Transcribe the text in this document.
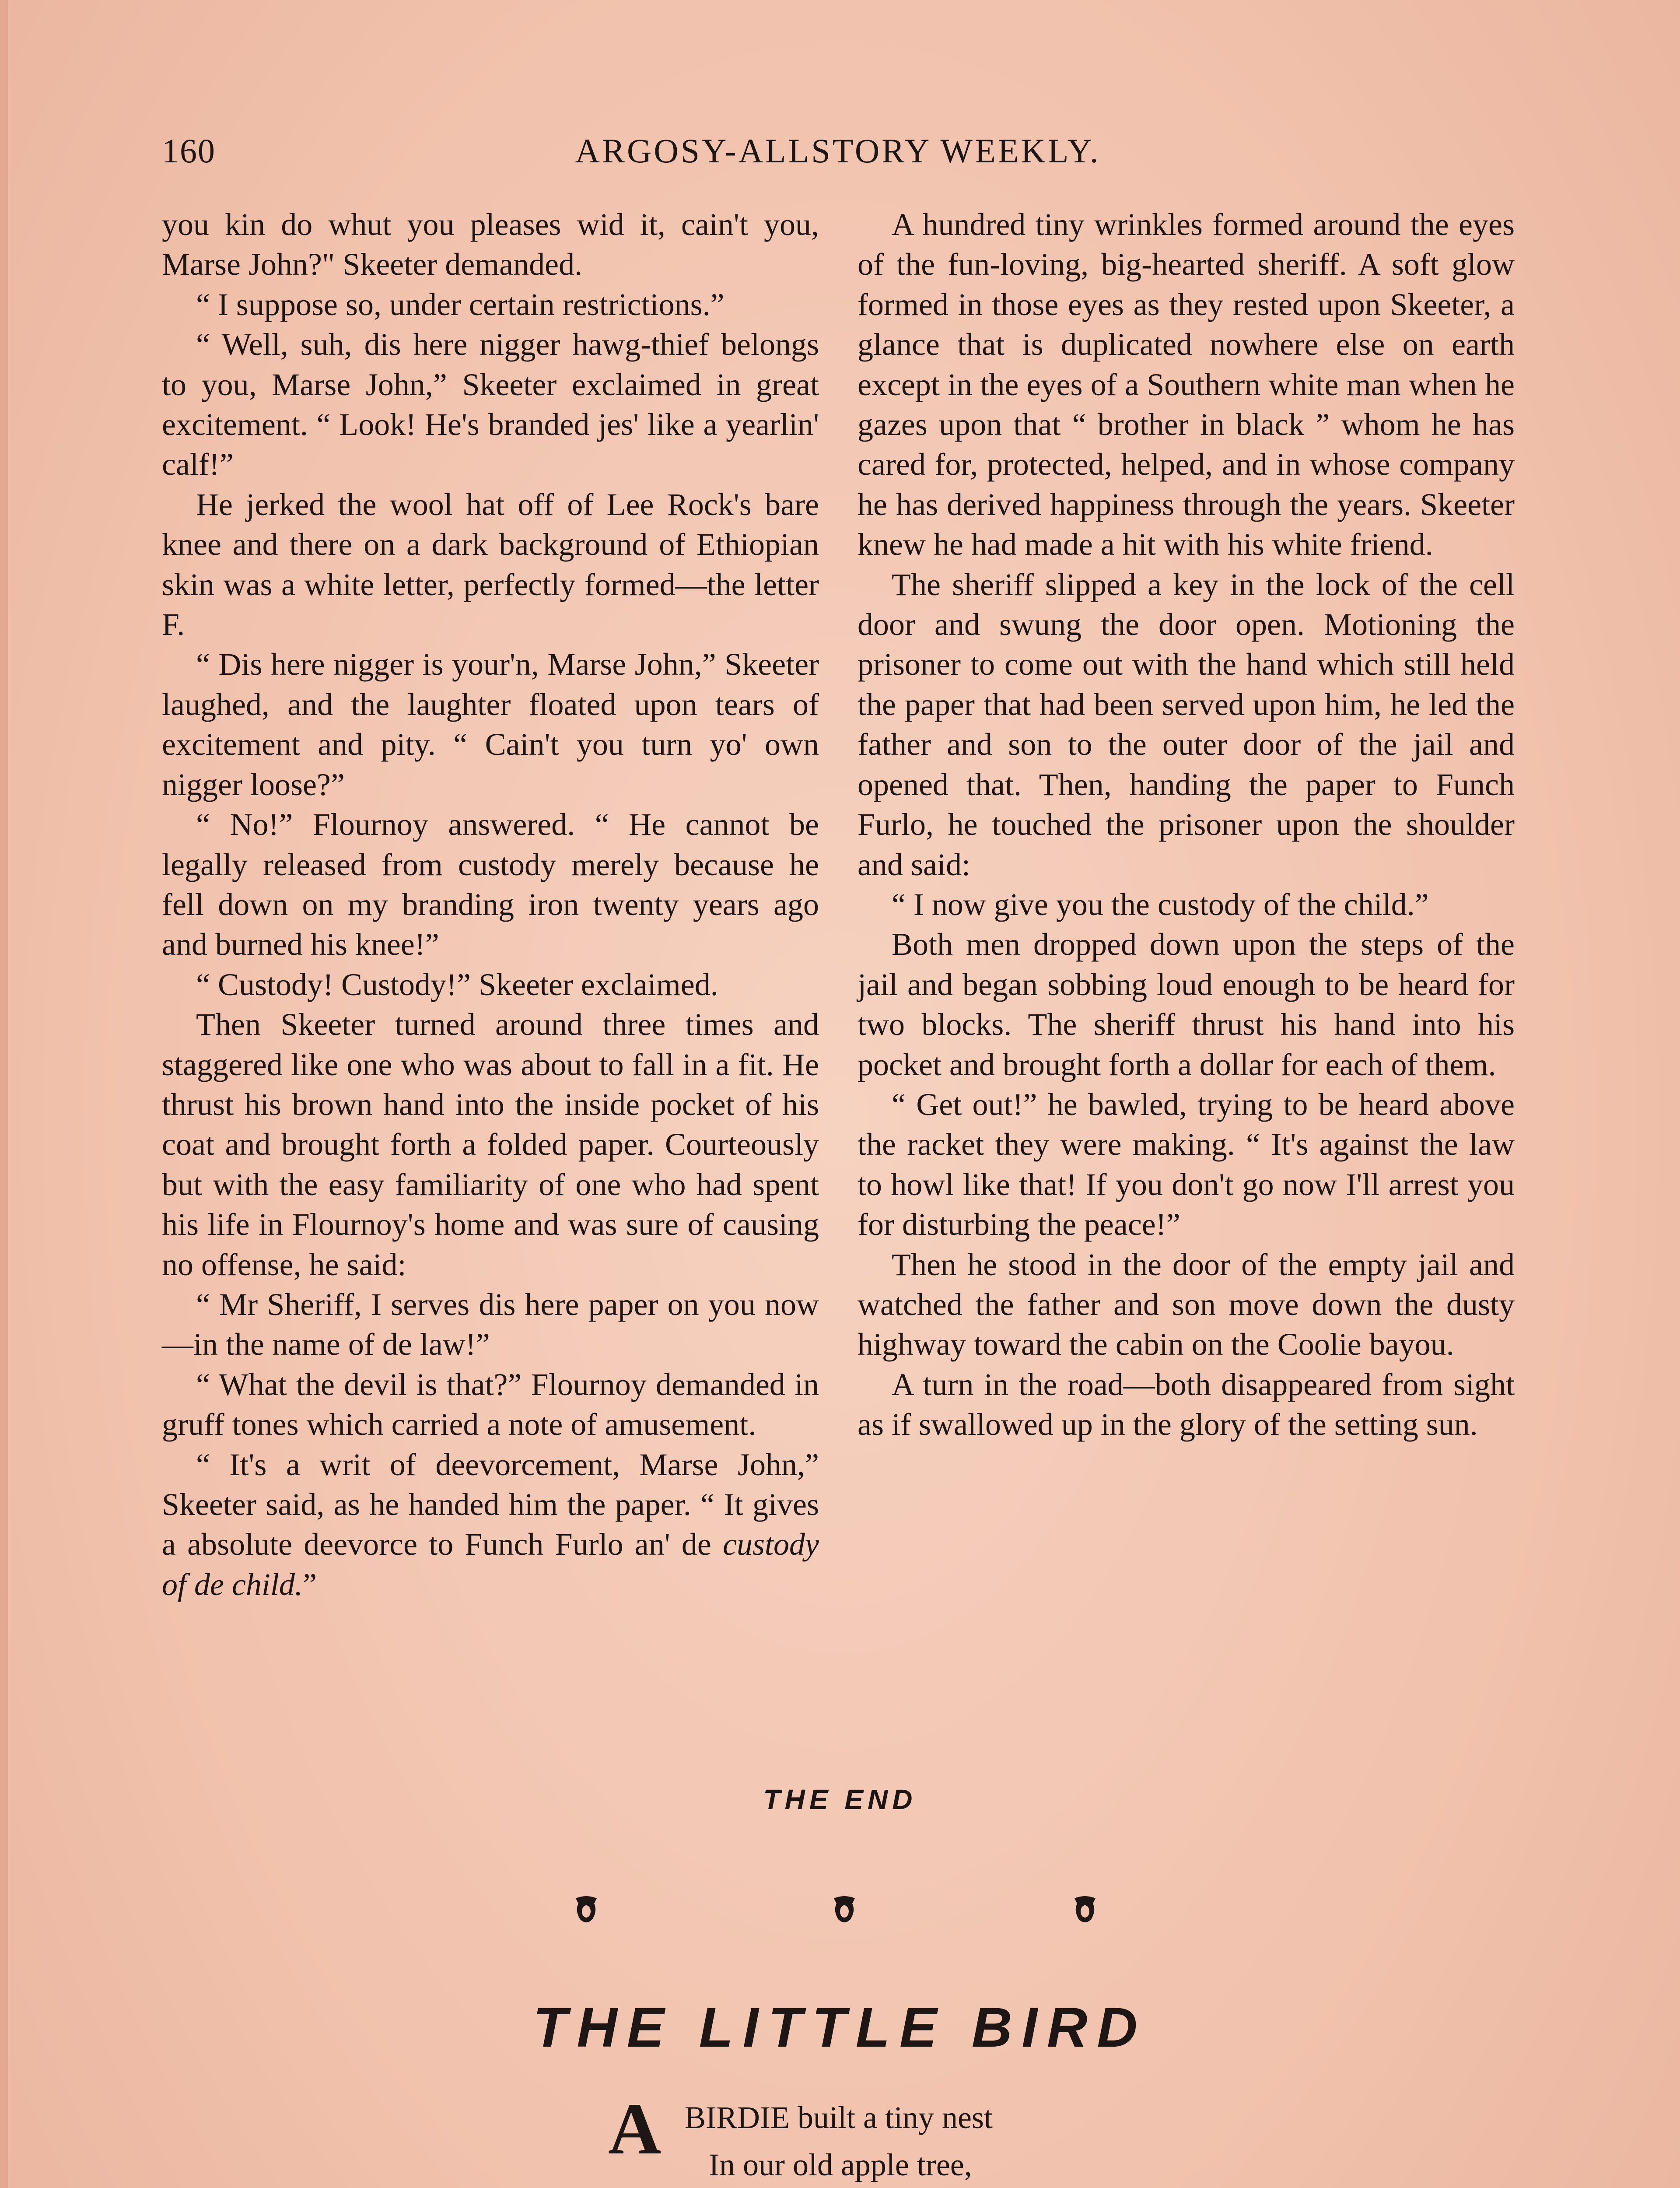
160	ARGOSY-ALLSTORY WEEKLY.

you kin do whut you pleases wid it, cain't you, Marse John?" Skeeter demanded.

“ I suppose so, under certain restrictions.”

“ Well, suh, dis here nigger hawg-thief belongs to you, Marse John,” Skeeter exclaimed in great excitement. “ Look! He's branded jes' like a yearlin' calf!”

He jerked the wool hat off of Lee Rock's bare knee and there on a dark background of Ethiopian skin was a white letter, perfectly formed—the letter F.

“ Dis here nigger is your'n, Marse John,” Skeeter laughed, and the laughter floated upon tears of excitement and pity. “ Cain't you turn yo' own nigger loose?”

“ No!” Flournoy answered. “ He cannot be legally released from custody merely because he fell down on my branding iron twenty years ago and burned his knee!”

“ Custody! Custody!” Skeeter exclaimed.

Then Skeeter turned around three times and staggered like one who was about to fall in a fit. He thrust his brown hand into the inside pocket of his coat and brought forth a folded paper. Courteously but with the easy familiarity of one who had spent his life in Flournoy's home and was sure of causing no offense, he said:

“ Mr Sheriff, I serves dis here paper on you now—in the name of de law!”

“ What the devil is that?” Flournoy demanded in gruff tones which carried a note of amusement.

“ It's a writ of deevorcement, Marse John,” Skeeter said, as he handed him the paper. “ It gives a absolute deevorce to Funch Furlo an' de custody of de child.”

A hundred tiny wrinkles formed around the eyes of the fun-loving, big-hearted sheriff. A soft glow formed in those eyes as they rested upon Skeeter, a glance that is duplicated nowhere else on earth except in the eyes of a Southern white man when he gazes upon that “ brother in black ” whom he has cared for, protected, helped, and in whose company he has derived happiness through the years. Skeeter knew he had made a hit with his white friend.

The sheriff slipped a key in the lock of the cell door and swung the door open. Motioning the prisoner to come out with the hand which still held the paper that had been served upon him, he led the father and son to the outer door of the jail and opened that. Then, handing the paper to Funch Furlo, he touched the prisoner upon the shoulder and said:

“ I now give you the custody of the child.”

Both men dropped down upon the steps of the jail and began sobbing loud enough to be heard for two blocks. The sheriff thrust his hand into his pocket and brought forth a dollar for each of them.

“ Get out!” he bawled, trying to be heard above the racket they were making. “ It's against the law to howl like that! If you don't go now I'll arrest you for disturbing the peace!”

Then he stood in the door of the empty jail and watched the father and son move down the dusty highway toward the cabin on the Coolie bayou.

A turn in the road—both disappeared from sight as if swallowed up in the glory of the setting sun.

THE END
THE LITTLE BIRD
A BIRDIE built a tiny nest
In our old apple tree,
